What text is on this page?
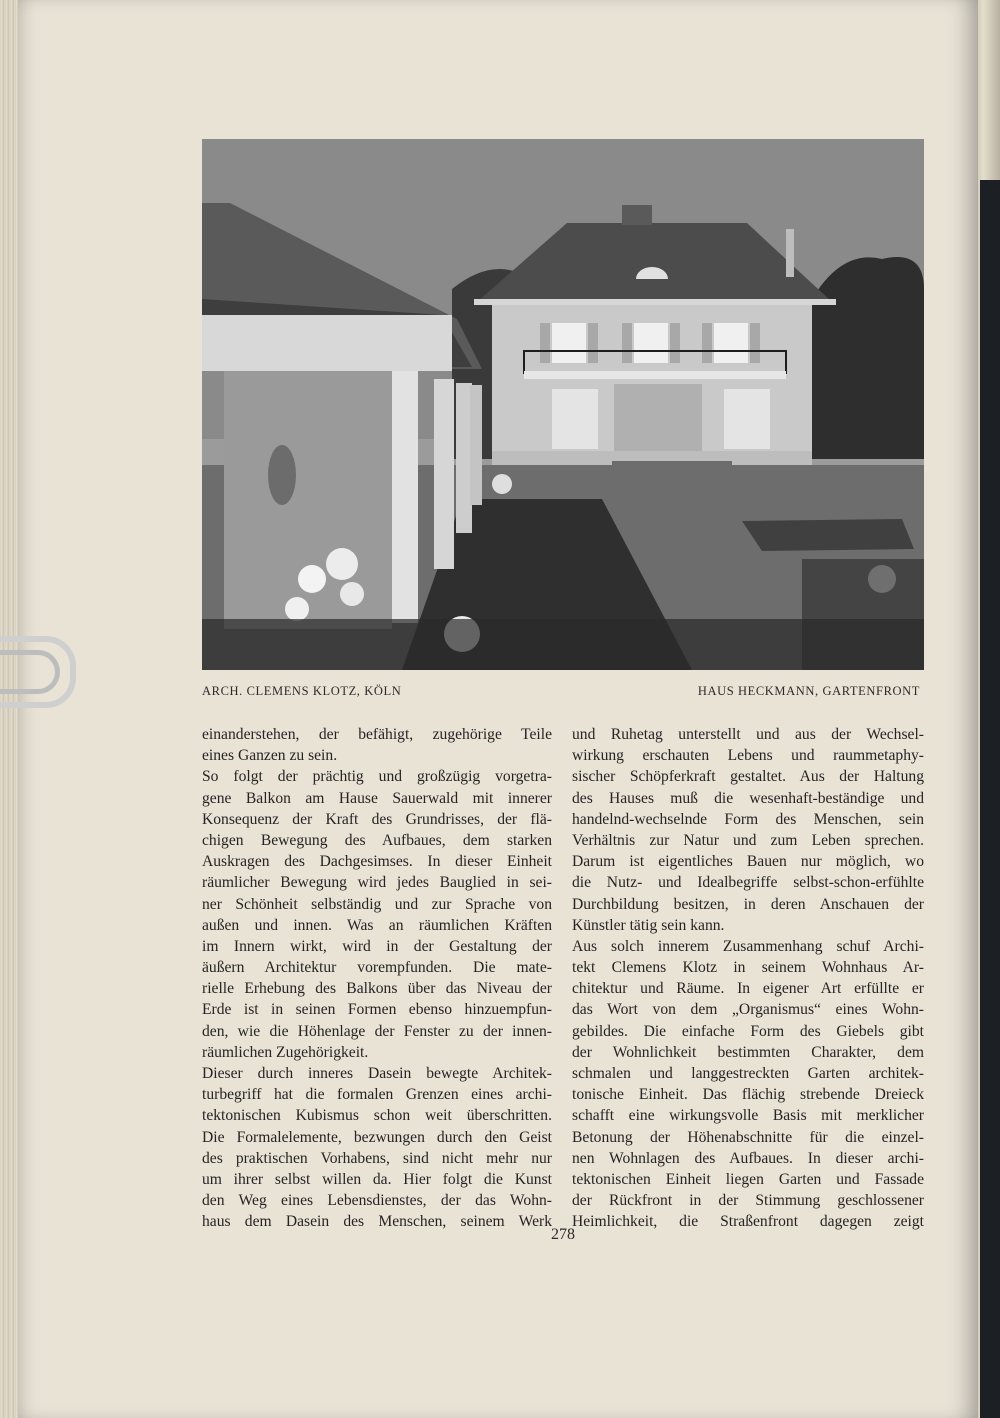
ARCH. CLEMENS KLOTZ, KÖLN	HAUS HECKMANN, GARTENFRONT
einanderstehen, der befähigt, zugehörige Teile
eines Ganzen zu sein.
So folgt der prächtig und großzügig vorgetra-
gene Balkon am Hause Sauerwald mit innerer
Konsequenz der Kraft des Grundrisses, der flä-
chigen Bewegung des Aufbaues, dem starken
Auskragen des Dachgesimses. In dieser Einheit
räumlicher Bewegung wird jedes Bauglied in sei-
ner Schönheit selbständig und zur Sprache von
außen und innen. Was an räumlichen Kräften
im Innern wirkt, wird in der Gestaltung der
äußern Architektur vorempfunden. Die mate-
rielle Erhebung des Balkons über das Niveau der
Erde ist in seinen Formen ebenso hinzuempfun-
den, wie die Höhenlage der Fenster zu der innen-
räumlichen Zugehörigkeit.
Dieser durch inneres Dasein bewegte Architek-
turbegriff hat die formalen Grenzen eines archi-
tektonischen Kubismus schon weit überschritten.
Die Formalelemente, bezwungen durch den Geist
des praktischen Vorhabens, sind nicht mehr nur
um ihrer selbst willen da. Hier folgt die Kunst
den Weg eines Lebensdienstes, der das Wohn-
haus dem Dasein des Menschen, seinem Werk
und Ruhetag unterstellt und aus der Wechsel-
wirkung erschauten Lebens und raummetaphy-
sischer Schöpferkraft gestaltet. Aus der Haltung
des Hauses muß die wesenhaft-beständige und
handelnd-wechselnde Form des Menschen, sein
Verhältnis zur Natur und zum Leben sprechen.
Darum ist eigentliches Bauen nur möglich, wo
die Nutz- und Idealbegriffe selbst-schon-erfühlte
Durchbildung besitzen, in deren Anschauen der
Künstler tätig sein kann.
Aus solch innerem Zusammenhang schuf Archi-
tekt Clemens Klotz in seinem Wohnhaus Ar-
chitektur und Räume. In eigener Art erfüllte er
das Wort von dem „Organismus“ eines Wohn-
gebildes. Die einfache Form des Giebels gibt
der Wohnlichkeit bestimmten Charakter, dem
schmalen und langgestreckten Garten architek-
tonische Einheit. Das flächig strebende Dreieck
schafft eine wirkungsvolle Basis mit merklicher
Betonung der Höhenabschnitte für die einzel-
nen Wohnlagen des Aufbaues. In dieser archi-
tektonischen Einheit liegen Garten und Fassade
der Rückfront in der Stimmung geschlossener
Heimlichkeit, die Straßenfront dagegen zeigt
278
